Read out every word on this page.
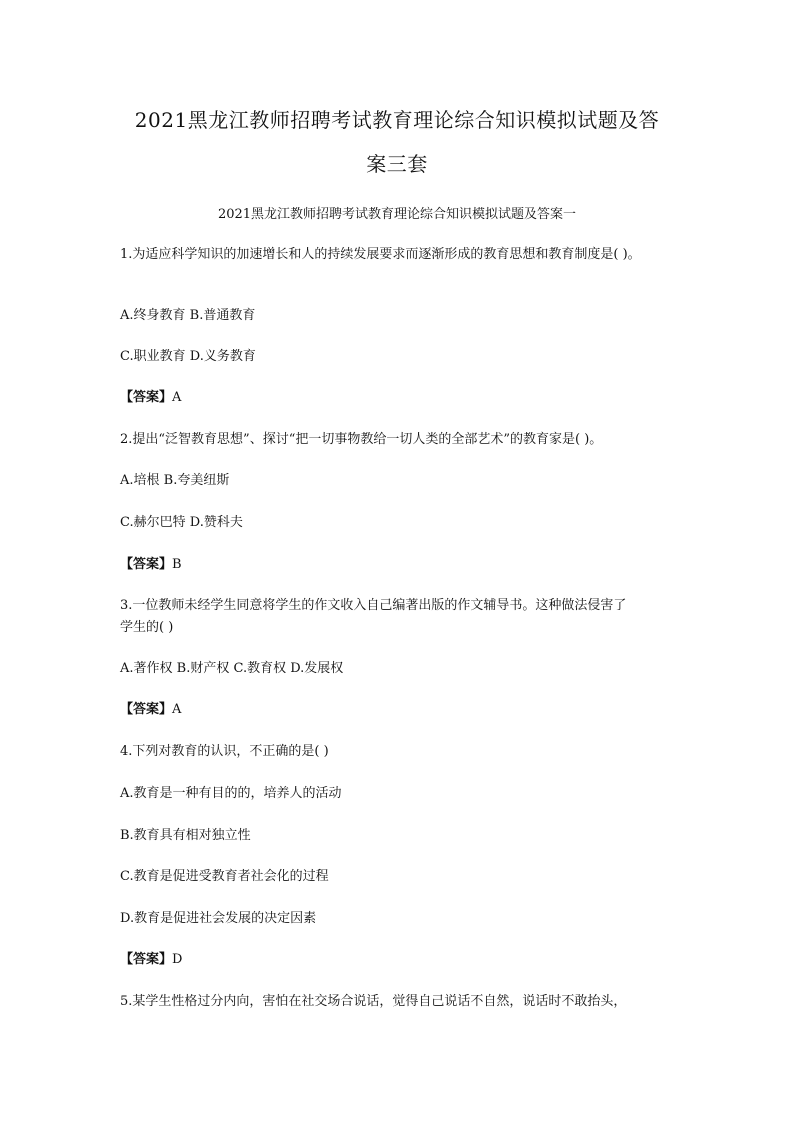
2021黑龙江教师招聘考试教育理论综合知识模拟试题及答
案三套
2021黑龙江教师招聘考试教育理论综合知识模拟试题及答案一
1.为适应科学知识的加速增长和人的持续发展要求而逐渐形成的教育思想和教育制度是( )。
A.终身教育 B.普通教育
C.职业教育 D.义务教育
【答案】A
2.提出“泛智教育思想”、探讨“把一切事物教给一切人类的全部艺术”的教育家是( )。
A.培根 B.夸美纽斯
C.赫尔巴特 D.赞科夫
【答案】B
3.一位教师未经学生同意将学生的作文收入自己编著出版的作文辅导书。这种做法侵害了
学生的( )
A.著作权 B.财产权 C.教育权 D.发展权
【答案】A
4.下列对教育的认识，不正确的是( )
A.教育是一种有目的的，培养人的活动
B.教育具有相对独立性
C.教育是促进受教育者社会化的过程
D.教育是促进社会发展的决定因素
【答案】D
5.某学生性格过分内向，害怕在社交场合说话，觉得自己说话不自然，说话时不敢抬头，
